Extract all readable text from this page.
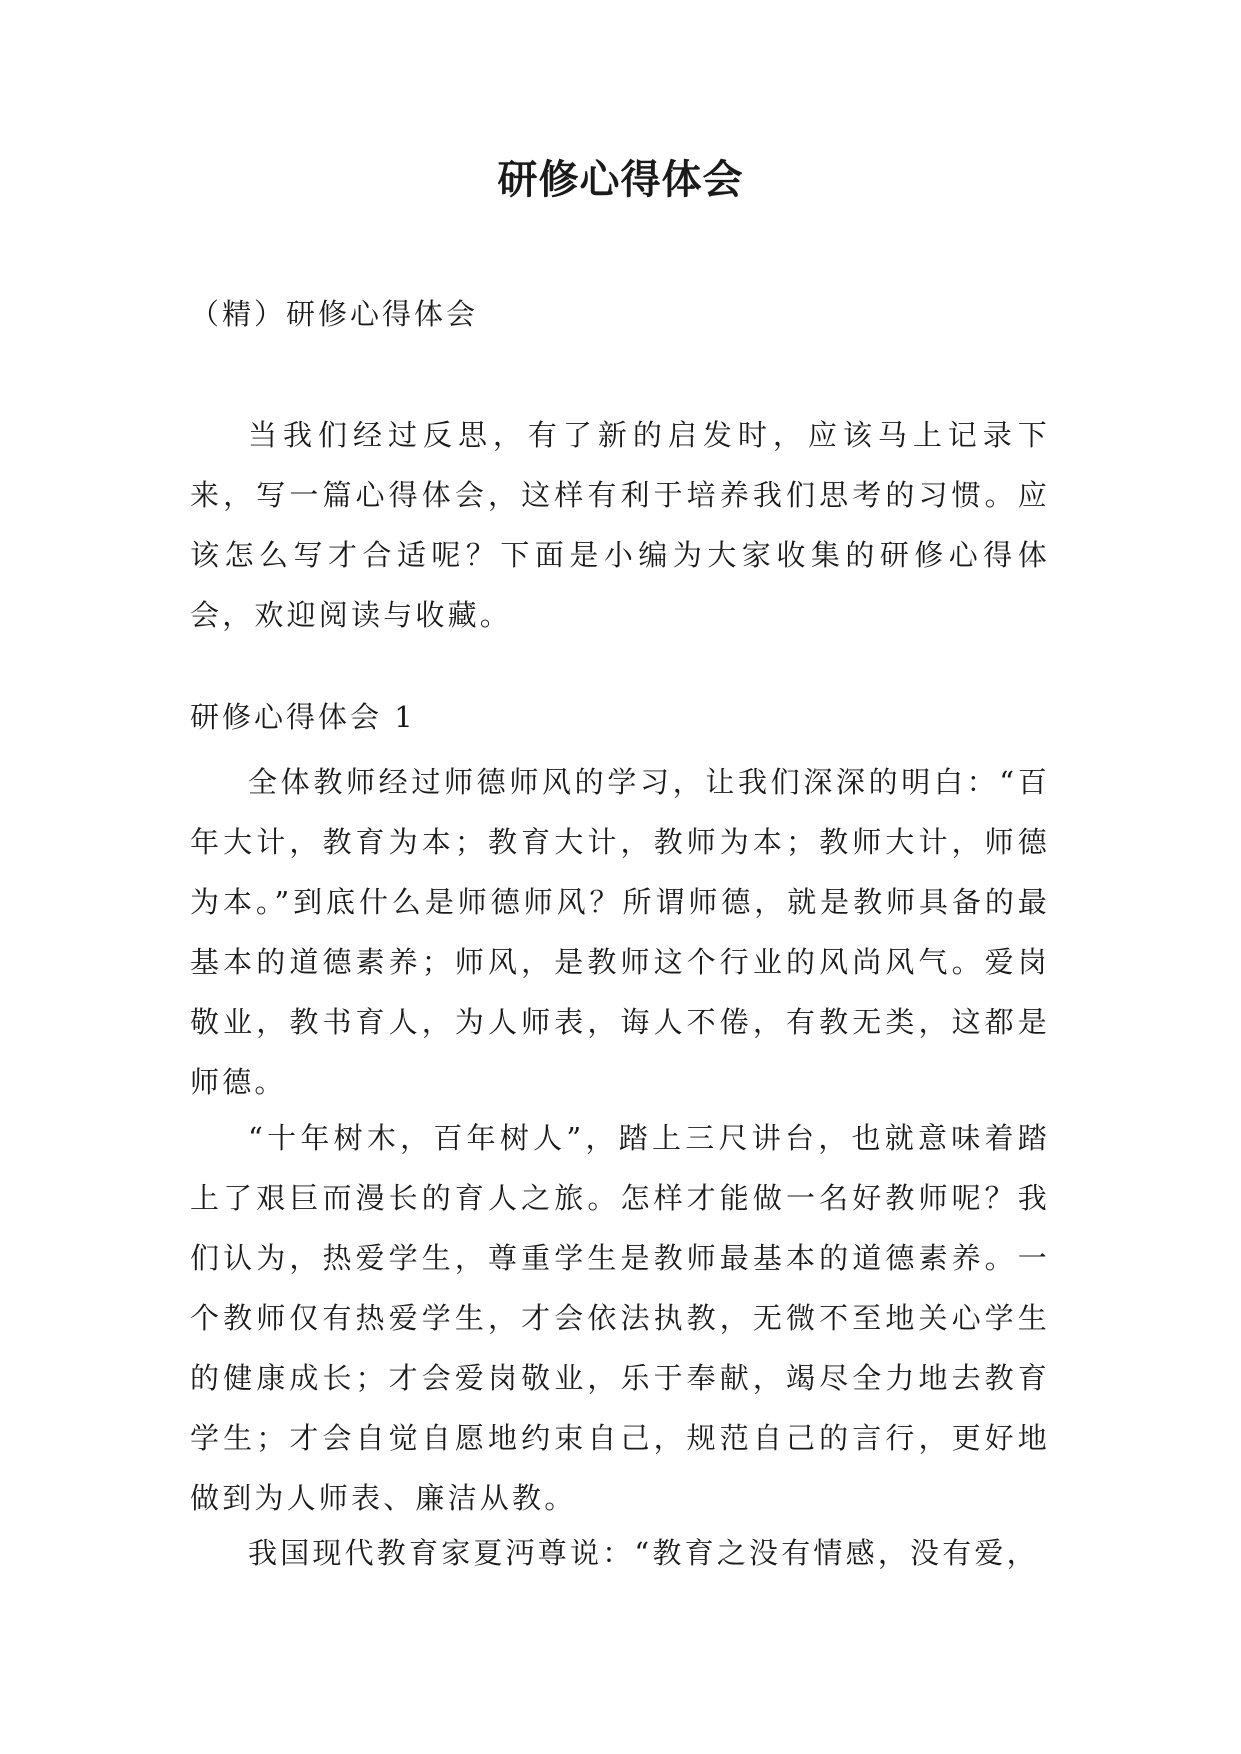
研修心得体会
（精）研修心得体会

当我们经过反思，有了新的启发时，应该马上记录下来，写一篇心得体会，这样有利于培养我们思考的习惯。应该怎么写才合适呢？下面是小编为大家收集的研修心得体会，欢迎阅读与收藏。

研修心得体会 1

全体教师经过师德师风的学习，让我们深深的明白：“百年大计，教育为本；教育大计，教师为本；教师大计，师德为本。”到底什么是师德师风？所谓师德，就是教师具备的最基本的道德素养；师风，是教师这个行业的风尚风气。爱岗敬业，教书育人，为人师表，诲人不倦，有教无类，这都是师德。

“十年树木，百年树人”，踏上三尺讲台，也就意味着踏上了艰巨而漫长的育人之旅。怎样才能做一名好教师呢？我们认为，热爱学生，尊重学生是教师最基本的道德素养。一个教师仅有热爱学生，才会依法执教，无微不至地关心学生的健康成长；才会爱岗敬业，乐于奉献，竭尽全力地去教育学生；才会自觉自愿地约束自己，规范自己的言行，更好地做到为人师表、廉洁从教。

我国现代教育家夏沔尊说：“教育之没有情感，没有爱，
